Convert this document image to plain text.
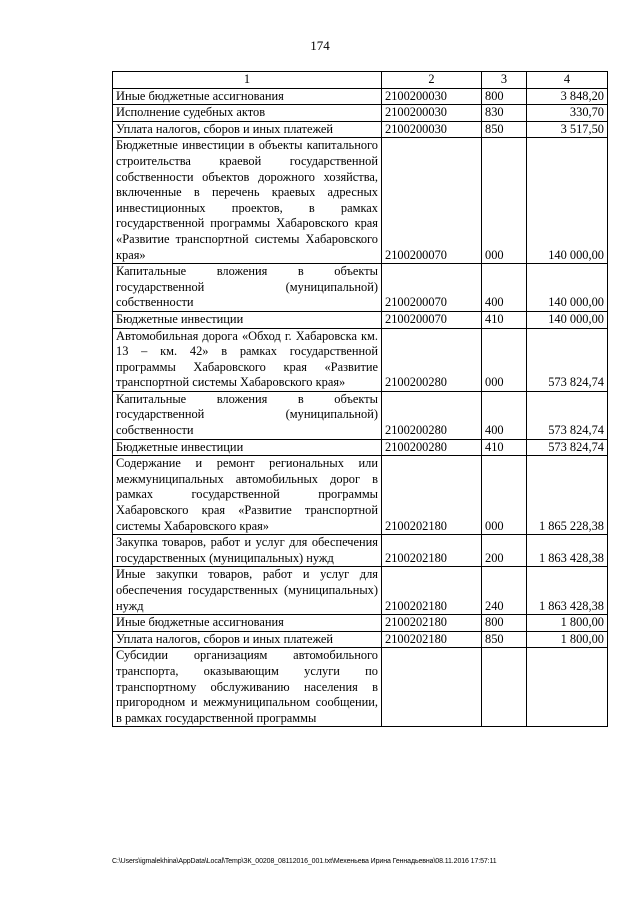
174
1	2	3	4
Иные бюджетные ассигнования	2100200030	800	3 848,20
Исполнение судебных актов	2100200030	830	330,70
Уплата налогов, сборов и иных платежей	2100200030	850	3 517,50
Бюджетные инвестиции в объекты капитального строительства краевой государственной собственности объектов дорожного хозяйства, включенные в перечень краевых адресных инвестиционных проектов, в рамках государственной программы Хабаровского края «Развитие транспортной системы Хабаровского края»	2100200070	000	140 000,00
Капитальные вложения в объекты государственной (муниципальной) собственности	2100200070	400	140 000,00
Бюджетные инвестиции	2100200070	410	140 000,00
Автомобильная дорога «Обход г. Хабаровска км. 13 – км. 42» в рамках государственной программы Хабаровского края «Развитие транспортной системы Хабаровского края»	2100200280	000	573 824,74
Капитальные вложения в объекты государственной (муниципальной) собственности	2100200280	400	573 824,74
Бюджетные инвестиции	2100200280	410	573 824,74
Содержание и ремонт региональных или межмуниципальных автомобильных дорог в рамках государственной программы Хабаровского края «Развитие транспортной системы Хабаровского края»	2100202180	000	1 865 228,38
Закупка товаров, работ и услуг для обеспечения государственных (муниципальных) нужд	2100202180	200	1 863 428,38
Иные закупки товаров, работ и услуг для обеспечения государственных (муниципальных) нужд	2100202180	240	1 863 428,38
Иные бюджетные ассигнования	2100202180	800	1 800,00
Уплата налогов, сборов и иных платежей	2100202180	850	1 800,00
Субсидии организациям автомобильного транспорта, оказывающим услуги по транспортному обслуживанию населения в пригородном и межмуниципальном сообщении, в рамках государственной программы			
C:\Users\igmalekhina\AppData\Local\Temp\ЗК_00208_08112016_001.txt\Мехеньева Ирина Геннадьевна\08.11.2016 17:57:11
